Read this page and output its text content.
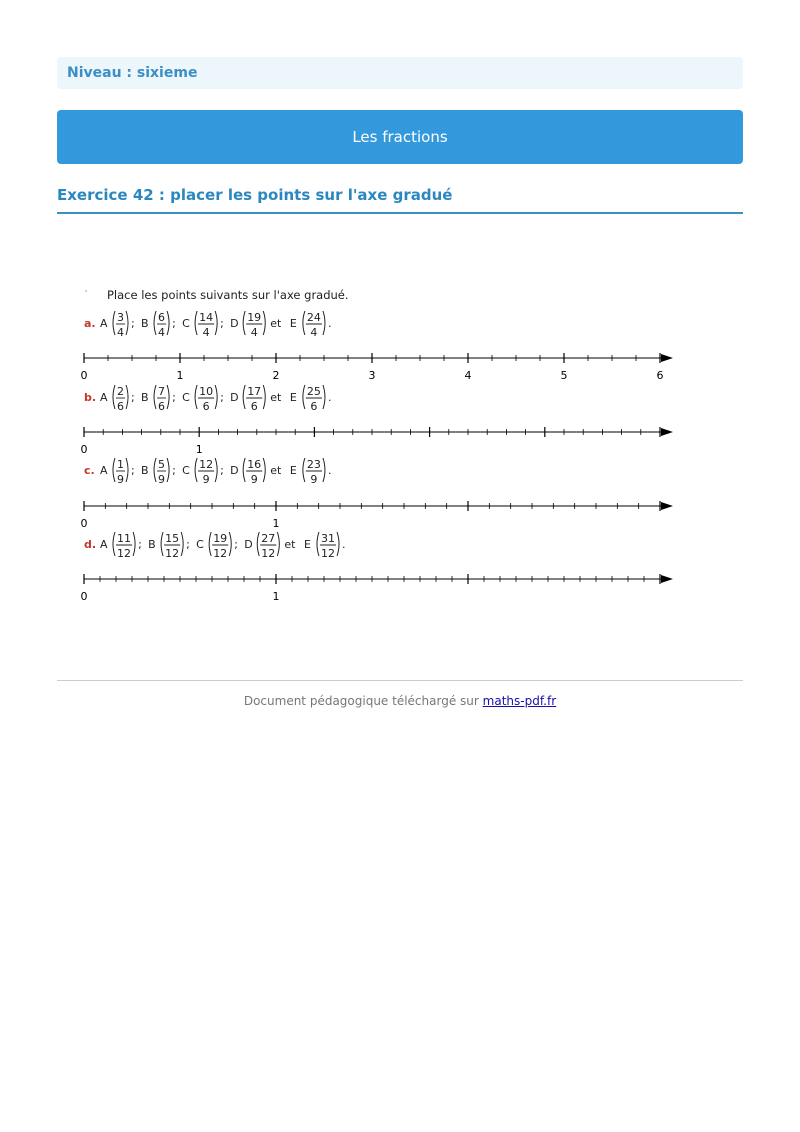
Niveau : sixieme
Les fractions
Exercice 42 : placer les points sur l'axe gradué
Place les points suivants sur l'axe gradué.
a. A 3
4
; B 6
4
; C 14
4
; D 19
4
et E 24
4
.
0	1	2	3	4	5	6
b. A 2
6
; B 7
6
; C 10
6
; D 17
6
et E 25
6
.
0	1
c. A 1
9
; B 5
9
; C 12
9
; D 16
9
et E 23
9
.
0	1
d. A 11
12
; B 15
12
; C 19
12
; D 27
12
et E 31
12
.
0	1
Document pédagogique téléchargé sur maths-pdf.fr
